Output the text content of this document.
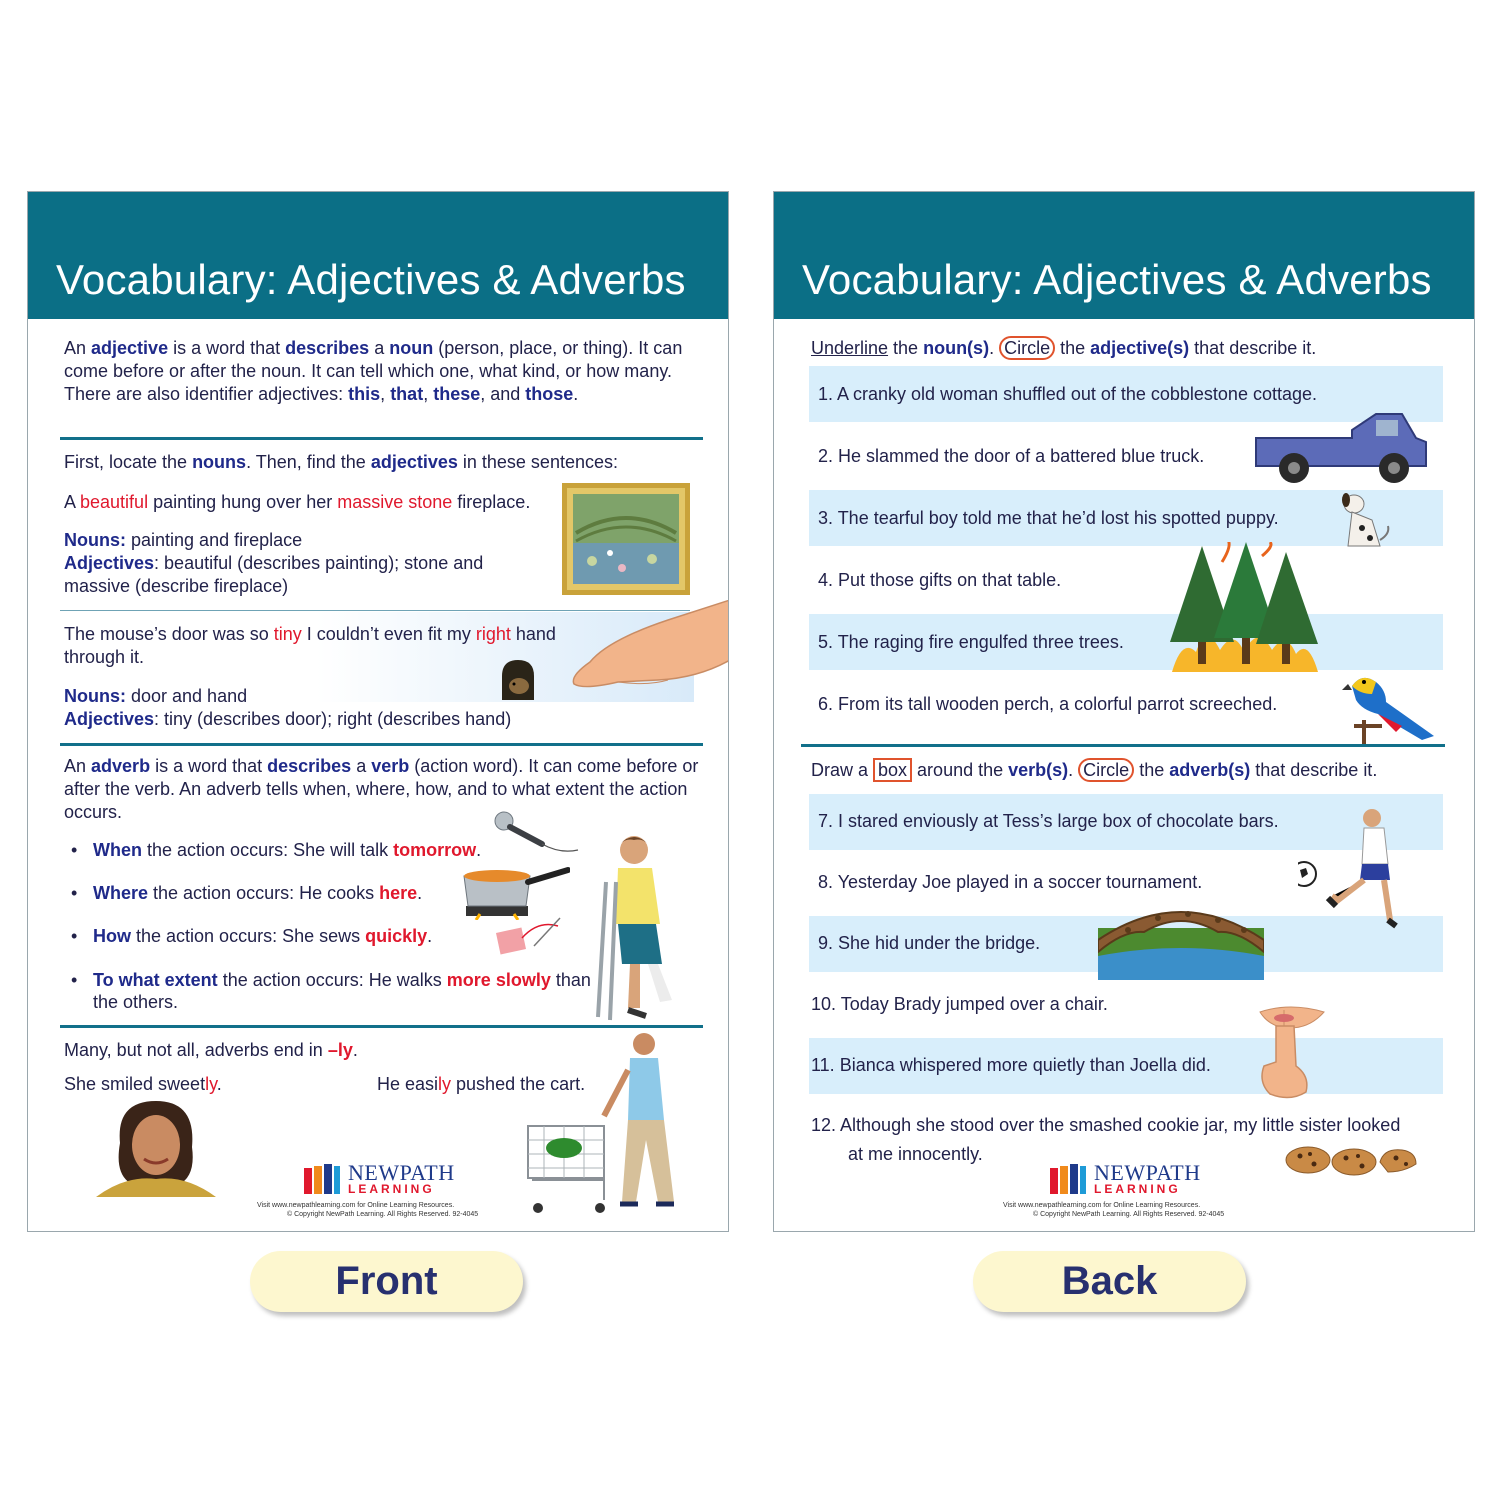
Vocabulary: Adjectives & Adverbs
An adjective is a word that describes a noun (person, place, or thing). It can come before or after the noun. It can tell which one, what kind, or how many. There are also identifier adjectives: this, that, these, and those.
First, locate the nouns. Then, find the adjectives in these sentences:
A beautiful painting hung over her massive stone fireplace.
Nouns: painting and fireplace
Adjectives: beautiful (describes painting); stone and massive (describe fireplace)
The mouse’s door was so tiny I couldn’t even fit my right hand through it.
Nouns: door and hand
Adjectives: tiny (describes door); right (describes hand)
An adverb is a word that describes a verb (action word). It can come before or after the verb. An adverb tells when, where, how, and to what extent the action occurs.
• When the action occurs: She will talk tomorrow.
• Where the action occurs: He cooks here.
• How the action occurs: She sews quickly.
• To what extent the action occurs: He walks more slowly than the others.
Many, but not all, adverbs end in –ly.
She smiled sweetly.	He easily pushed the cart.
NEWPATH
LEARNING
Visit www.newpathlearning.com for Online Learning Resources.
© Copyright NewPath Learning. All Rights Reserved. 92-4045
Vocabulary: Adjectives & Adverbs
Underline the noun(s). Circle the adjective(s) that describe it.
1. A cranky old woman shuffled out of the cobblestone cottage.
2. He slammed the door of a battered blue truck.
3. The tearful boy told me that he’d lost his spotted puppy.
4. Put those gifts on that table.
5. The raging fire engulfed three trees.
6. From its tall wooden perch, a colorful parrot screeched.
Draw a box around the verb(s). Circle the adverb(s) that describe it.
7. I stared enviously at Tess’s large box of chocolate bars.
8. Yesterday Joe played in a soccer tournament.
9. She hid under the bridge.
10. Today Brady jumped over a chair.
11. Bianca whispered more quietly than Joella did.
12. Although she stood over the smashed cookie jar, my little sister looked
at me innocently.
NEWPATH
LEARNING
Visit www.newpathlearning.com for Online Learning Resources.
© Copyright NewPath Learning. All Rights Reserved. 92-4045
Front	Back
